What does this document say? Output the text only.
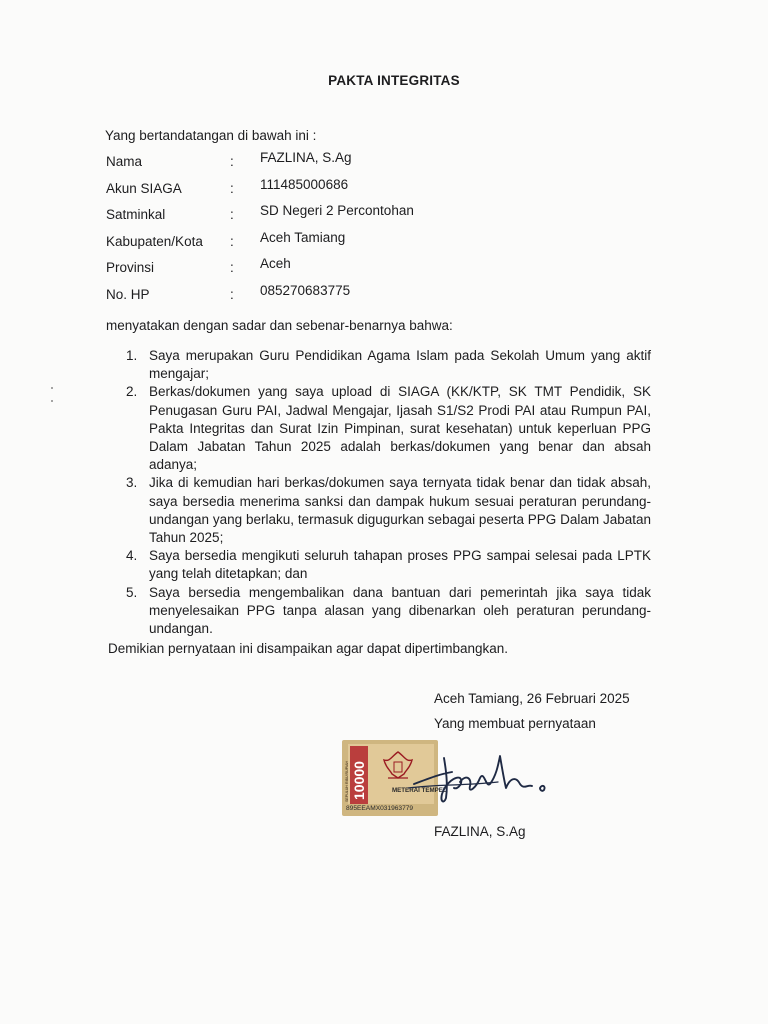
PAKTA INTEGRITAS
Yang bertandatangan di bawah ini :
Nama	: FAZLINA, S.Ag
Akun SIAGA	: 111485000686
Satminkal	: SD Negeri 2 Percontohan
Kabupaten/Kota : Aceh Tamiang
Provinsi	: Aceh
No. HP	: 085270683775
menyatakan dengan sadar dan sebenar-benarnya bahwa:
1. Saya merupakan Guru Pendidikan Agama Islam pada Sekolah Umum yang aktif mengajar;
2. Berkas/dokumen yang saya upload di SIAGA (KK/KTP, SK TMT Pendidik, SK Penugasan Guru PAI, Jadwal Mengajar, Ijasah S1/S2 Prodi PAI atau Rumpun PAI, Pakta Integritas dan Surat Izin Pimpinan, surat kesehatan) untuk keperluan PPG Dalam Jabatan Tahun 2025 adalah berkas/dokumen yang benar dan absah adanya;
3. Jika di kemudian hari berkas/dokumen saya ternyata tidak benar dan tidak absah, saya bersedia menerima sanksi dan dampak hukum sesuai peraturan perundang-undangan yang berlaku, termasuk digugurkan sebagai peserta PPG Dalam Jabatan Tahun 2025;
4. Saya bersedia mengikuti seluruh tahapan proses PPG sampai selesai pada LPTK yang telah ditetapkan; dan
5. Saya bersedia mengembalikan dana bantuan dari pemerintah jika saya tidak menyelesaikan PPG tanpa alasan yang dibenarkan oleh peraturan perundang-undangan.
Demikian pernyataan ini disampaikan agar dapat dipertimbangkan.
Aceh Tamiang, 26 Februari 2025
Yang membuat pernyataan
10000
SEPULUH RIBU RUPIAH	METERAI TEMPEL
895EEAMX031963779
FAZLINA, S.Ag
